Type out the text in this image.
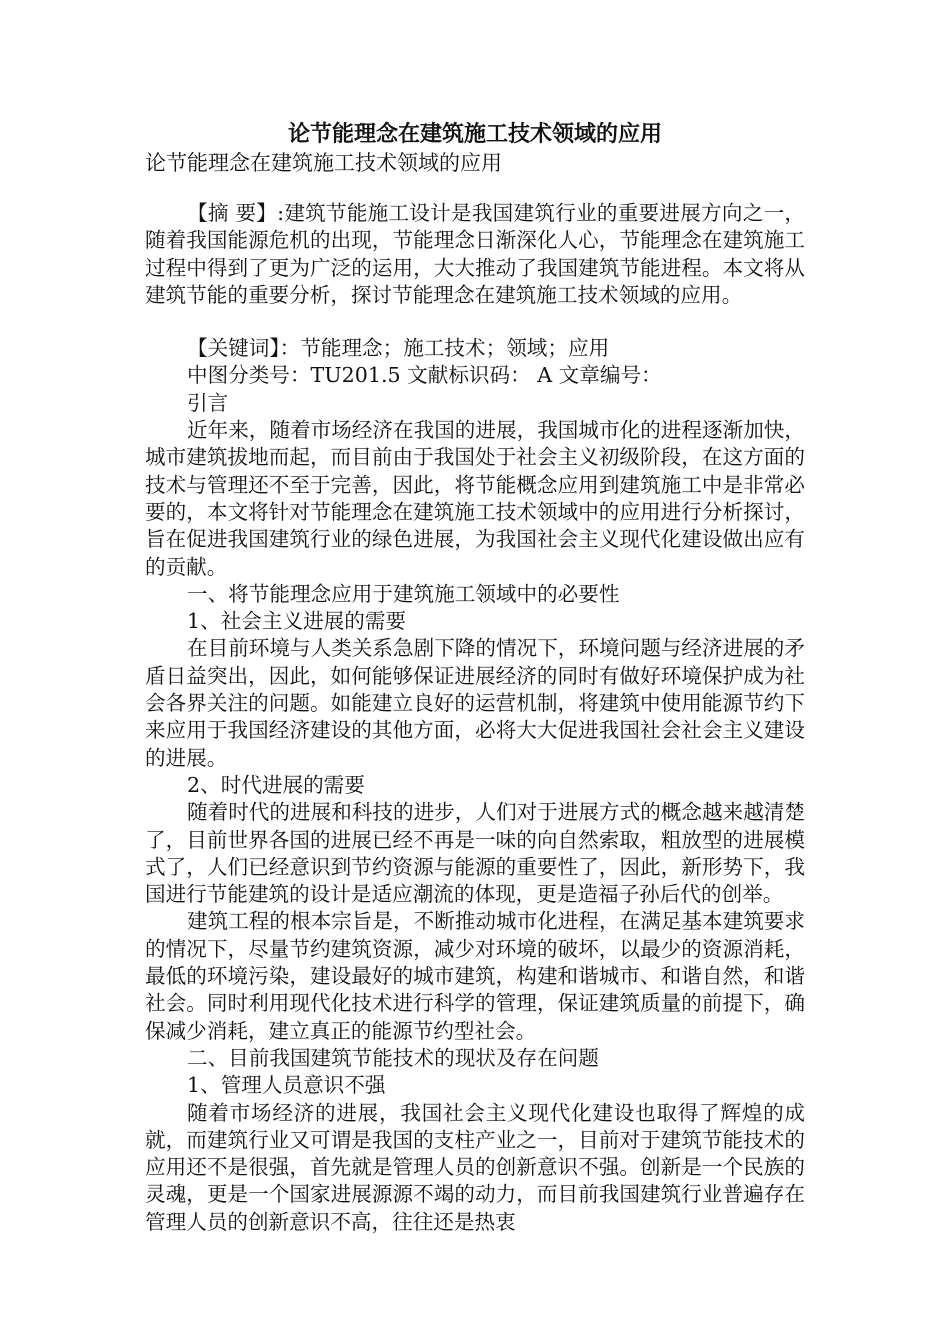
论节能理念在建筑施工技术领域的应用
论节能理念在建筑施工技术领域的应用

【摘 要】:建筑节能施工设计是我国建筑行业的重要进展方向之一，随着我国能源危机的出现，节能理念日渐深化人心，节能理念在建筑施工过程中得到了更为广泛的运用，大大推动了我国建筑节能进程。本文将从建筑节能的重要分析，探讨节能理念在建筑施工技术领域的应用。

【关键词】：节能理念；施工技术；领域；应用

中图分类号：TU201.5 文献标识码： A 文章编号：

引言

近年来，随着市场经济在我国的进展，我国城市化的进程逐渐加快，城市建筑拔地而起，而目前由于我国处于社会主义初级阶段，在这方面的技术与管理还不至于完善，因此，将节能概念应用到建筑施工中是非常必要的，本文将针对节能理念在建筑施工技术领域中的应用进行分析探讨，旨在促进我国建筑行业的绿色进展，为我国社会主义现代化建设做出应有的贡献。

一、将节能理念应用于建筑施工领域中的必要性

1、社会主义进展的需要

在目前环境与人类关系急剧下降的情况下，环境问题与经济进展的矛盾日益突出，因此，如何能够保证进展经济的同时有做好环境保护成为社会各界关注的问题。如能建立良好的运营机制，将建筑中使用能源节约下来应用于我国经济建设的其他方面，必将大大促进我国社会社会主义建设的进展。

2、时代进展的需要

随着时代的进展和科技的进步，人们对于进展方式的概念越来越清楚了，目前世界各国的进展已经不再是一味的向自然索取，粗放型的进展模式了，人们已经意识到节约资源与能源的重要性了，因此，新形势下，我国进行节能建筑的设计是适应潮流的体现，更是造福子孙后代的创举。

建筑工程的根本宗旨是，不断推动城市化进程，在满足基本建筑要求的情况下，尽量节约建筑资源，减少对环境的破坏，以最少的资源消耗，最低的环境污染，建设最好的城市建筑，构建和谐城市、和谐自然，和谐社会。同时利用现代化技术进行科学的管理，保证建筑质量的前提下，确保减少消耗，建立真正的能源节约型社会。

二、目前我国建筑节能技术的现状及存在问题

1、管理人员意识不强

随着市场经济的进展，我国社会主义现代化建设也取得了辉煌的成就，而建筑行业又可谓是我国的支柱产业之一，目前对于建筑节能技术的应用还不是很强，首先就是管理人员的创新意识不强。创新是一个民族的灵魂，更是一个国家进展源源不竭的动力，而目前我国建筑行业普遍存在管理人员的创新意识不高，往往还是热衷
